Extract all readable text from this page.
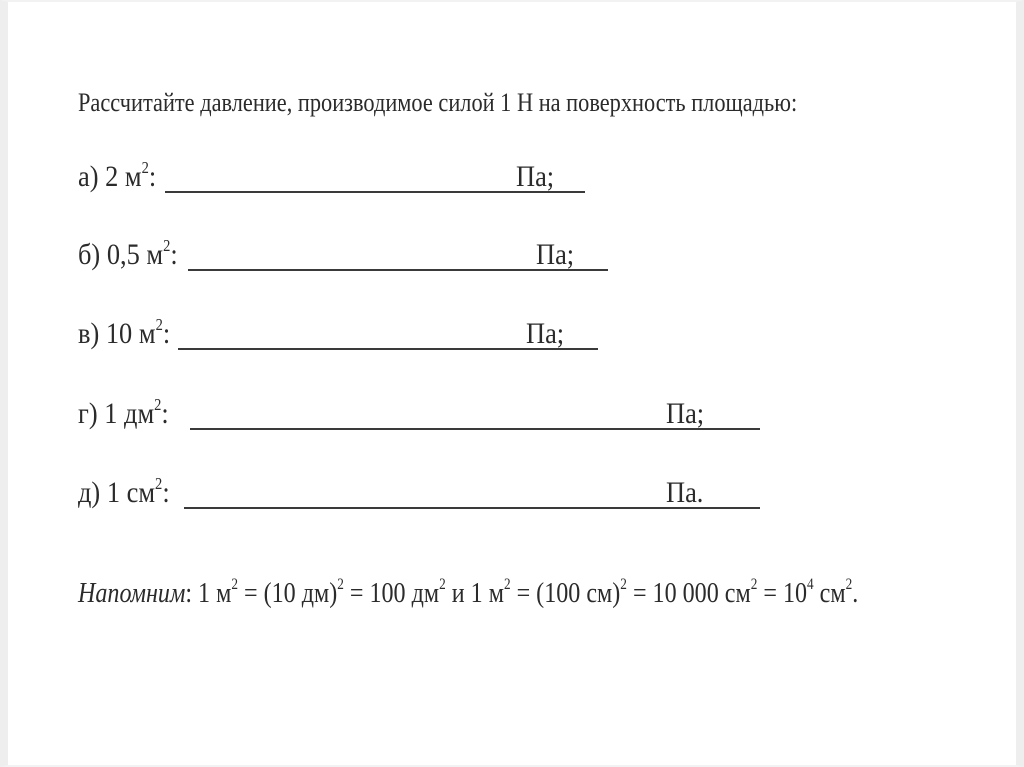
Рассчитайте давление, производимое силой 1 Н на поверхность площадью:
а) 2 $м^2$:	Па;
б) 0,5 $м^2$:	Па;
в) 10 $м^2$:	Па;
г) 1 $дм^2$:	Па;
д) 1 $см^2$:	Па.
Напомним: 1 $м^2 = (10$ дм)$^2$ = 100 $дм^2$ и 1 $м^2 = (100$ см)$^2$ = 10 000 $см^2 = 10^4$ $см^2$.
